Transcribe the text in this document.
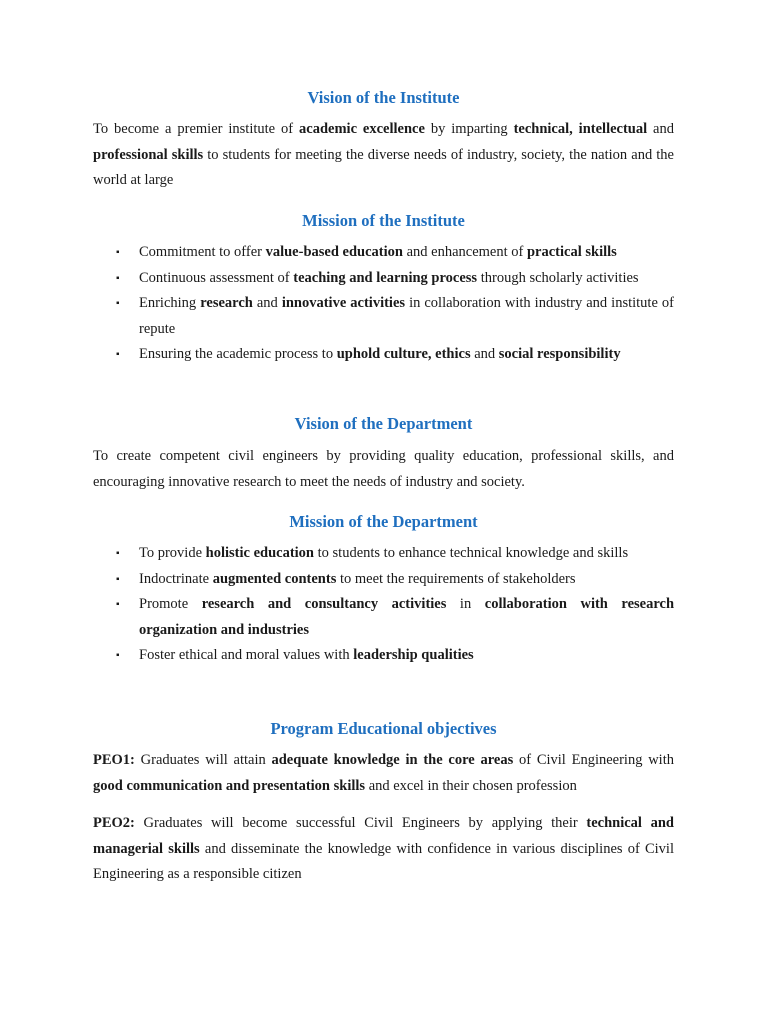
Vision of the Institute

To become a premier institute of academic excellence by imparting technical, intellectual and professional skills to students for meeting the diverse needs of industry, society, the nation and the world at large

Mission of the Institute
▪ Commitment to offer value-based education and enhancement of practical skills
▪ Continuous assessment of teaching and learning process through scholarly activities
▪ Enriching research and innovative activities in collaboration with industry and institute of repute
▪ Ensuring the academic process to uphold culture, ethics and social responsibility
Vision of the Department

To create competent civil engineers by providing quality education, professional skills, and encouraging innovative research to meet the needs of industry and society.

Mission of the Department
▪ To provide holistic education to students to enhance technical knowledge and skills
▪ Indoctrinate augmented contents to meet the requirements of stakeholders
▪ Promote research and consultancy activities in collaboration with research organization and industries
▪ Foster ethical and moral values with leadership qualities
Program Educational objectives

PEO1: Graduates will attain adequate knowledge in the core areas of Civil Engineering with good communication and presentation skills and excel in their chosen profession

PEO2: Graduates will become successful Civil Engineers by applying their technical and managerial skills and disseminate the knowledge with confidence in various disciplines of Civil Engineering as a responsible citizen
